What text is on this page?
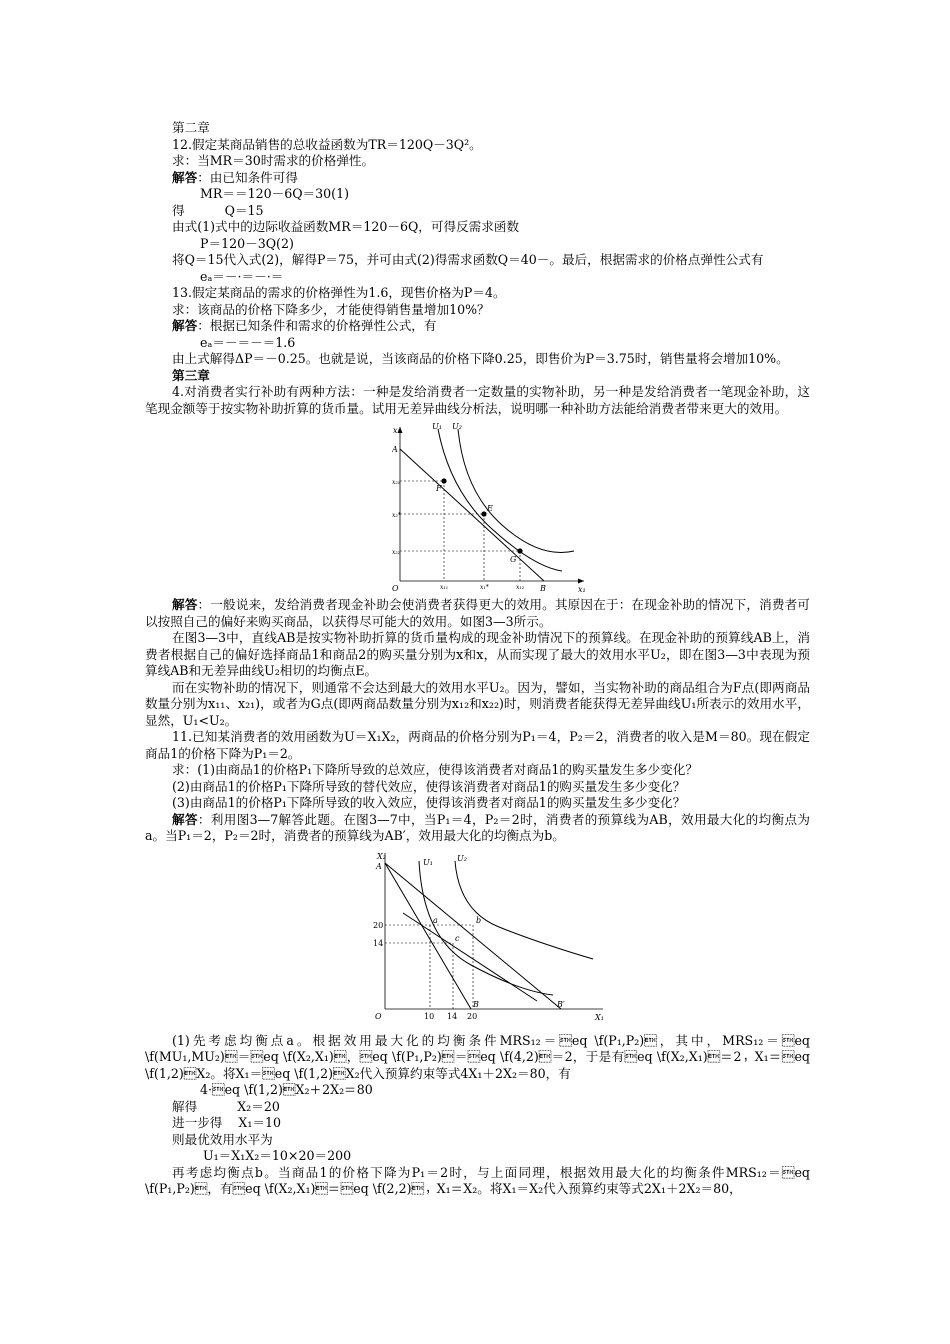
第二章

12.假定某商品销售的总收益函数为TR＝120Q－3Q²。

求：当MR＝30时需求的价格弹性。

解答：由已知条件可得

MR＝＝120－6Q＝30(1)

得          Q＝15

由式(1)式中的边际收益函数MR＝120－6Q，可得反需求函数

P＝120－3Q(2)

将Q＝15代入式(2)，解得P＝75，并可由式(2)得需求函数Q＝40－。最后，根据需求的价格点弹性公式有

eₐ＝－·＝－·＝

13.假定某商品的需求的价格弹性为1.6，现售价格为P＝4。

求：该商品的价格下降多少，才能使得销售量增加10%？

解答：根据已知条件和需求的价格弹性公式，有

eₐ＝－＝－＝1.6

由上式解得ΔP＝－0.25。也就是说，当该商品的价格下降0.25，即售价为P＝3.75时，销售量将会增加10%。

第三章

4.对消费者实行补助有两种方法：一种是发给消费者一定数量的实物补助，另一种是发给消费者一笔现金补助，这笔现金额等于按实物补助折算的货币量。试用无差异曲线分析法，说明哪一种补助方法能给消费者带来更大的效用。

x₂
x₁
O
A
B
U₁ U₂
F
E
G
x₂₁
x₂*
x₂₂
x₁₁	x₁*	x₁₂

解答：一般说来，发给消费者现金补助会使消费者获得更大的效用。其原因在于：在现金补助的情况下，消费者可以按照自己的偏好来购买商品，以获得尽可能大的效用。如图3—3所示。

在图3—3中，直线AB是按实物补助折算的货币量构成的现金补助情况下的预算线。在现金补助的预算线AB上，消费者根据自己的偏好选择商品1和商品2的购买量分别为x和x，从而实现了最大的效用水平U₂，即在图3—3中表现为预算线AB和无差异曲线U₂相切的均衡点E。

而在实物补助的情况下，则通常不会达到最大的效用水平U₂。因为，譬如，当实物补助的商品组合为F点(即两商品数量分别为x₁₁、x₂₁)，或者为G点(即两商品数量分别为x₁₂和x₂₂)时，则消费者能获得无差异曲线U₁所表示的效用水平，显然，U₁<U₂。

11.已知某消费者的效用函数为U＝X₁X₂，两商品的价格分别为P₁＝4，P₂＝2，消费者的收入是M＝80。现在假定商品1的价格下降为P₁＝2。

求：(1)由商品1的价格P₁下降所导致的总效应，使得该消费者对商品1的购买量发生多少变化？

(2)由商品1的价格P₁下降所导致的替代效应，使得该消费者对商品1的购买量发生多少变化？

(3)由商品1的价格P₁下降所导致的收入效应，使得该消费者对商品1的购买量发生多少变化？

解答：利用图3—7解答此题。在图3—7中，当P₁＝4，P₂＝2时，消费者的预算线为AB，效用最大化的均衡点为a。当P₁＝2，P₂＝2时，消费者的预算线为AB′，效用最大化的均衡点为b。

X₂
X₁
O
A
B	B′
U₁	U₂
a	b
c
20
14
10 14 20

(1)先考虑均衡点a。根据效用最大化的均衡条件MRS₁₂＝eq \f(P₁,P₂)，其中，MRS₁₂＝eq \f(MU₁,MU₂)＝eq \f(X₂,X₁)，eq \f(P₁,P₂)＝eq \f(4,2)＝2，于是有eq \f(X₂,X₁)＝2，X₁＝eq \f(1,2)X₂。将X₁＝eq \f(1,2)X₂代入预算约束等式4X₁＋2X₂＝80，有

4·eq \f(1,2)X₂＋2X₂＝80

解得          X₂＝20

进一步得    X₁＝10

则最优效用水平为

U₁＝X₁X₂＝10×20＝200

再考虑均衡点b。当商品1的价格下降为P₁＝2时，与上面同理，根据效用最大化的均衡条件MRS₁₂＝eq \f(P₁,P₂)，有eq \f(X₂,X₁)＝eq \f(2,2)，X₁＝X₂。将X₁＝X₂代入预算约束等式2X₁＋2X₂＝80，
